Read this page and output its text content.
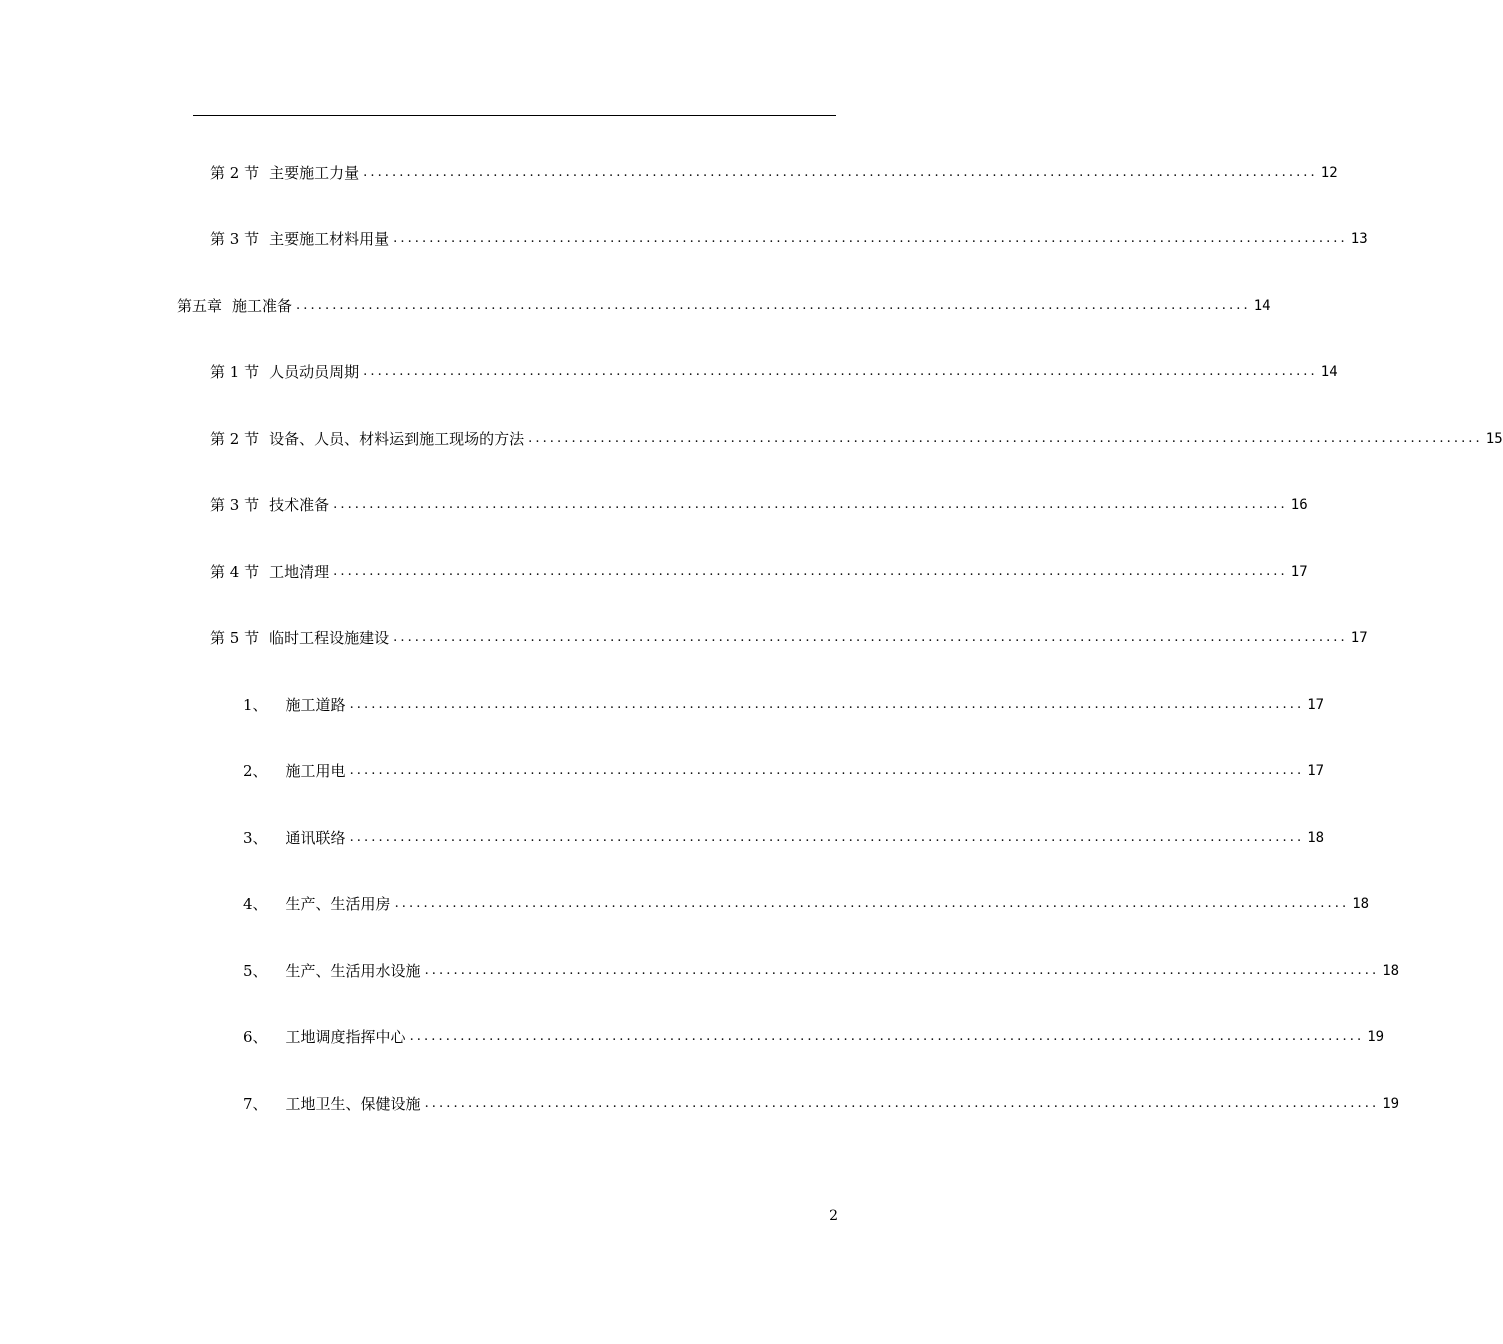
第 2 节 主要施工力量 .................................................................................................................................... 12
第 3 节 主要施工材料用量 .................................................................................................................................... 13
第五章 施工准备 .................................................................................................................................... 14
第 1 节 人员动员周期 .................................................................................................................................... 14
第 2 节 设备、人员、材料运到施工现场的方法 .................................................................................................................................... 15
第 3 节 技术准备 .................................................................................................................................... 16
第 4 节 工地清理 .................................................................................................................................... 17
第 5 节 临时工程设施建设 .................................................................................................................................... 17
1、 施工道路 .................................................................................................................................... 17
2、 施工用电 .................................................................................................................................... 17
3、 通讯联络 .................................................................................................................................... 18
4、 生产、生活用房 .................................................................................................................................... 18
5、 生产、生活用水设施 .................................................................................................................................... 18
6、 工地调度指挥中心 .................................................................................................................................... 19
7、 工地卫生、保健设施 .................................................................................................................................... 19
2
